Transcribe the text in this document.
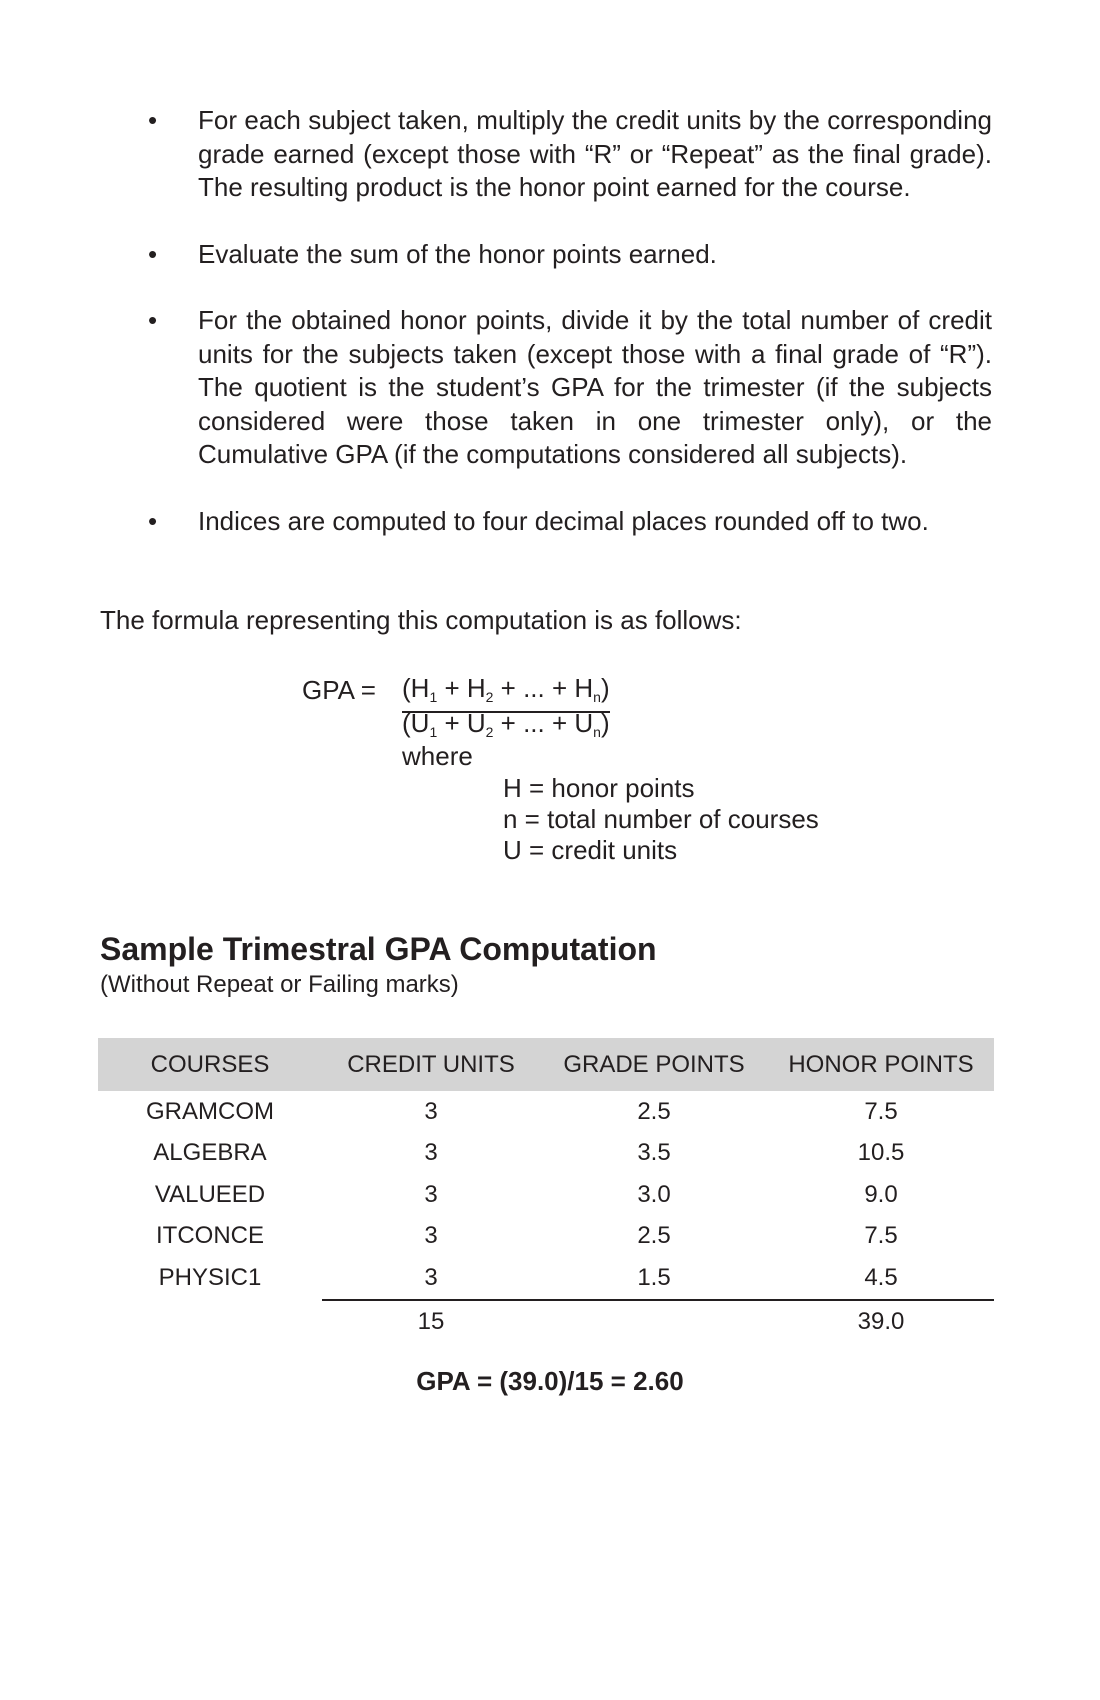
• For each subject taken, multiply the credit units by the corresponding grade earned (except those with “R” or “Repeat” as the final grade). The resulting product is the honor point earned for the course.
• Evaluate the sum of the honor points earned.
• For the obtained honor points, divide it by the total number of credit units for the subjects taken (except those with a final grade of “R”). The quotient is the student’s GPA for the trimester (if the subjects considered were those taken in one trimester only), or the Cumulative GPA (if the computations considered all subjects).
• Indices are computed to four decimal places rounded off to two.

The formula representing this computation is as follows:

GPA = ($H_1 + H_2$ + ... + $H_n$)
($U_1 + U_2$ + ... + $U_n$)
where
H = honor points
n = total number of courses
U = credit units
Sample Trimestral GPA Computation

(Without Repeat or Failing marks)

COURSES	CREDIT UNITS	GRADE POINTS	HONOR POINTS
GRAMCOM	3	2.5	7.5
ALGEBRA	3	3.5	10.5
VALUEED	3	3.0	9.0
ITCONCE	3	2.5	7.5
PHYSIC1	3	1.5	4.5
	15		39.0

GPA = (39.0)/15 = 2.60
